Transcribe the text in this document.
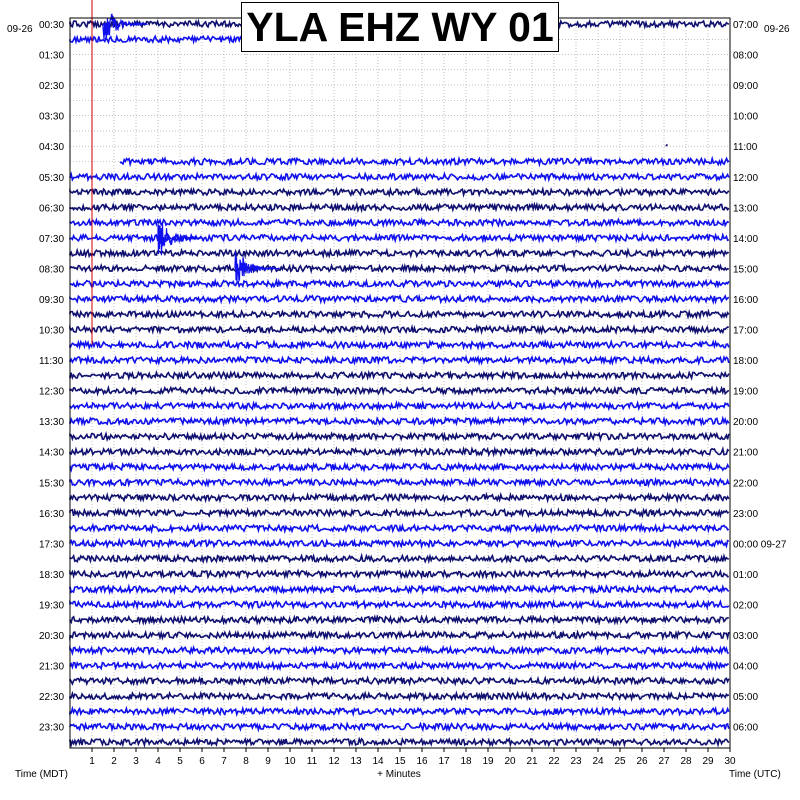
00:30
01:30
02:30
03:30
04:30
05:30
06:30
07:30
08:30
09:30
10:30
11:30
12:30
13:30
14:30
15:30
16:30
17:30
18:30
19:30
20:30
21:30
22:30
23:30
07:00
08:00
09:00
10:00
11:00
12:00
13:00
14:00
15:00
16:00
17:00
18:00
19:00
20:00
21:00
22:00
23:00
00:00 09-27
01:00
02:00
03:00
04:00
05:00
06:00
1 2 3 4 5 6 7 8 9 10 11 12 13 14 15 16 17 18 19 20 21 22 23 24 25 26 27 28 29 30
09-26	09-26
Time (MDT)	+ Minutes	Time (UTC)
YLA EHZ WY 01
